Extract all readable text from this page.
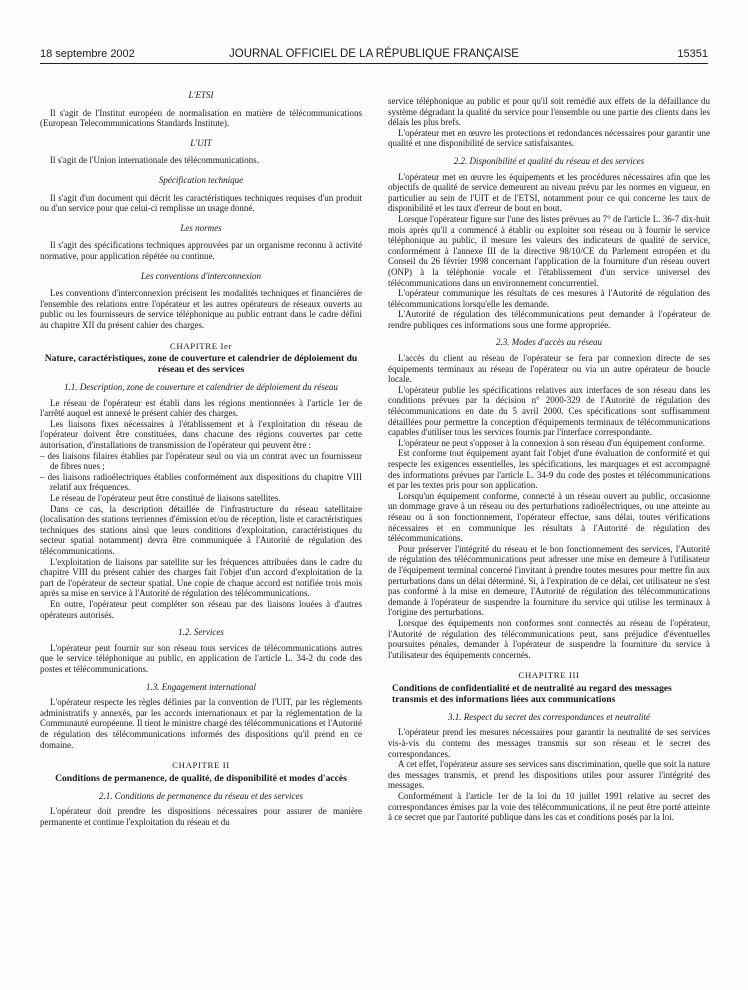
18 septembre 2002	JOURNAL OFFICIEL DE LA RÉPUBLIQUE FRANÇAISE	15351
L'ETSI

Il s'agit de l'Institut européen de normalisation en matière de télécommunications (European Telecommunications Standards Institute).

L'UIT

Il s'agit de l'Union internationale des télécommunications.

Spécification technique

Il s'agit d'un document qui décrit les caractéristiques techniques requises d'un produit ou d'un service pour que celui-ci remplisse un usage donné.

Les normes

Il s'agit des spécifications techniques approuvées par un organisme reconnu à activité normative, pour application répétée ou continue.

Les conventions d'interconnexion

Les conventions d'interconnexion précisent les modalités techniques et financières de l'ensemble des relations entre l'opérateur et les autres opérateurs de réseaux ouverts au public ou les fournisseurs de service téléphonique au public entrant dans le cadre défini au chapitre XII du présent cahier des charges.

CHAPITRE Ier
Nature, caractéristiques, zone de couverture et calendrier de déploiement du réseau et des services
1.1. Description, zone de couverture et calendrier de déploiement du réseau

Le réseau de l'opérateur est établi dans les régions mentionnées à l'article 1er de l'arrêté auquel est annexé le présent cahier des charges.

Les liaisons fixes nécessaires à l'établissement et à l'exploitation du réseau de l'opérateur doivent être constituées, dans chacune des régions couvertes par cette autorisation, d'installations de transmission de l'opérateur qui peuvent être :

– des liaisons filaires établies par l'opérateur seul ou via un contrat avec un fournisseur de fibres nues ;
– des liaisons radioélectriques établies conformément aux dispositions du chapitre VIII relatif aux fréquences.

Le réseau de l'opérateur peut être constitué de liaisons satellites.

Dans ce cas, la description détaillée de l'infrastructure du réseau satellitaire (localisation des stations terriennes d'émission et/ou de réception, liste et caractéristiques techniques des stations ainsi que leurs conditions d'exploitation, caractéristiques du secteur spatial notamment) devra être communiquée à l'Autorité de régulation des télécommunications.

L'exploitation de liaisons par satellite sur les fréquences attribuées dans le cadre du chapitre VIII du présent cahier des charges fait l'objet d'un accord d'exploitation de la part de l'opérateur de secteur spatial. Une copie de chaque accord est notifiée trois mois après sa mise en service à l'Autorité de régulation des télécommunications.

En outre, l'opérateur peut compléter son réseau par des liaisons louées à d'autres opérateurs autorisés.

1.2. Services

L'opérateur peut fournir sur son réseau tous services de télécommunications autres que le service téléphonique au public, en application de l'article L. 34-2 du code des postes et télécommunications.

1.3. Engagement international

L'opérateur respecte les règles définies par la convention de l'UIT, par les règlements administratifs y annexés, par les accords internationaux et par la réglementation de la Communauté européenne. Il tient le ministre chargé des télécommunications et l'Autorité de régulation des télécommunications informés des dispositions qu'il prend en ce domaine.

CHAPITRE II
Conditions de permanence, de qualité, de disponibilité et modes d'accès
2.1. Conditions de permanence du réseau et des services

L'opérateur doit prendre les dispositions nécessaires pour assurer de manière permanente et continue l'exploitation du réseau et du

service téléphonique au public et pour qu'il soit remédié aux effets de la défaillance du système dégradant la qualité du service pour l'ensemble ou une partie des clients dans les délais les plus brefs.

L'opérateur met en œuvre les protections et redondances nécessaires pour garantir une qualité et une disponibilité de service satisfaisantes.

2.2. Disponibilité et qualité du réseau et des services

L'opérateur met en œuvre les équipements et les procédures nécessaires afin que les objectifs de qualité de service demeurent au niveau prévu par les normes en vigueur, en particulier au sein de l'UIT et de l'ETSI, notamment pour ce qui concerne les taux de disponibilité et les taux d'erreur de bout en bout.

Lorsque l'opérateur figure sur l'une des listes prévues au 7° de l'article L. 36-7 dix-huit mois après qu'il a commencé à établir ou exploiter son réseau ou à fournir le service téléphonique au public, il mesure les valeurs des indicateurs de qualité de service, conformément à l'annexe III de la directive 98/10/CE du Parlement européen et du Conseil du 26 février 1998 concernant l'application de la fourniture d'un réseau ouvert (ONP) à la téléphonie vocale et l'établissement d'un service universel des télécommunications dans un environnement concurrentiel.

L'opérateur communique les résultats de ces mesures à l'Autorité de régulation des télécommunications lorsqu'elle les demande.

L'Autorité de régulation des télécommunications peut demander à l'opérateur de rendre publiques ces informations sous une forme appropriée.

2.3. Modes d'accès au réseau

L'accès du client au réseau de l'opérateur se fera par connexion directe de ses équipements terminaux au réseau de l'opérateur ou via un autre opérateur de boucle locale.

L'opérateur publie les spécifications relatives aux interfaces de son réseau dans les conditions prévues par la décision n° 2000-329 de l'Autorité de régulation des télécommunications en date du 5 avril 2000. Ces spécifications sont suffisamment détaillées pour permettre la conception d'équipements terminaux de télécommunications capables d'utiliser tous les services fournis par l'interface correspondante.

L'opérateur ne peut s'opposer à la connexion à son réseau d'un équipement conforme.

Est conforme tout équipement ayant fait l'objet d'une évaluation de conformité et qui respecte les exigences essentielles, les spécifications, les marquages et est accompagné des informations prévues par l'article L. 34-9 du code des postes et télécommunications et par les textes pris pour son application.

Lorsqu'un équipement conforme, connecté à un réseau ouvert au public, occasionne un dommage grave à un réseau ou des perturbations radioélectriques, ou une atteinte au réseau ou à son fonctionnement, l'opérateur effectue, sans délai, toutes vérifications nécessaires et en communique les résultats à l'Autorité de régulation des télécommunications.

Pour préserver l'intégrité du réseau et le bon fonctionnement des services, l'Autorité de régulation des télécommunications peut adresser une mise en demeure à l'utilisateur de l'équipement terminal concerné l'invitant à prendre toutes mesures pour mettre fin aux perturbations dans un délai déterminé. Si, à l'expiration de ce délai, cet utilisateur ne s'est pas conformé à la mise en demeure, l'Autorité de régulation des télécommunications demande à l'opérateur de suspendre la fourniture du service qui utilise les terminaux à l'origine des perturbations.

Lorsque des équipements non conformes sont connectés au réseau de l'opérateur, l'Autorité de régulation des télécommunications peut, sans préjudice d'éventuelles poursuites pénales, demander à l'opérateur de suspendre la fourniture du service à l'utilisateur des équipements concernés.

CHAPITRE III
Conditions de confidentialité et de neutralité au regard des messages transmis et des informations liées aux communications
3.1. Respect du secret des correspondances et neutralité

L'opérateur prend les mesures nécessaires pour garantir la neutralité de ses services vis-à-vis du contenu des messages transmis sur son réseau et le secret des correspondances.

A cet effet, l'opérateur assure ses services sans discrimination, quelle que soit la nature des messages transmis, et prend les dispositions utiles pour assurer l'intégrité des messages.

Conformément à l'article 1er de la loi du 10 juillet 1991 relative au secret des correspondances émises par la voie des télécommunications, il ne peut être porté atteinte à ce secret que par l'autorité publique dans les cas et conditions posés par la loi.
